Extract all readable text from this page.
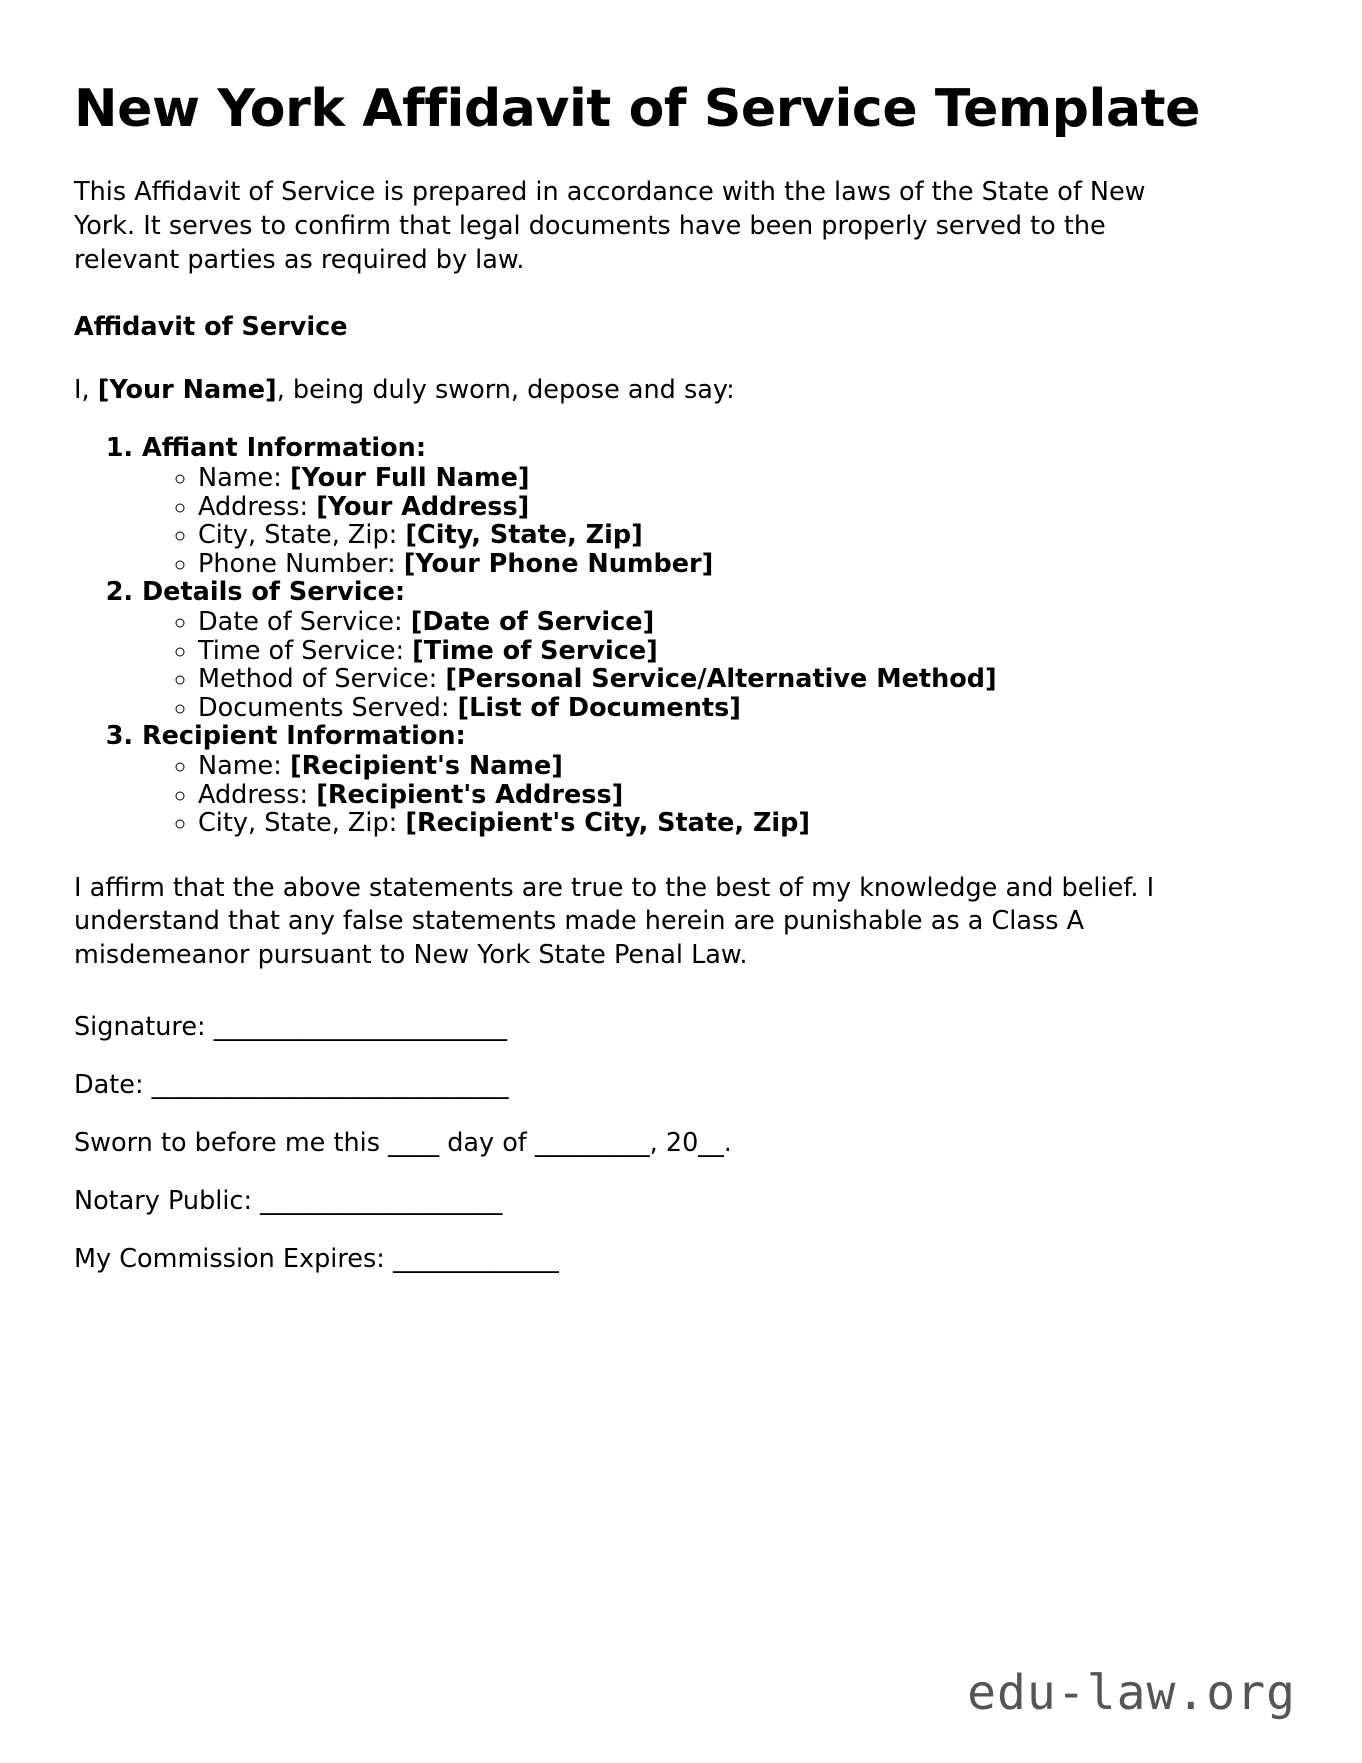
New York Affidavit of Service Template

This Affidavit of Service is prepared in accordance with the laws of the State of New York. It serves to confirm that legal documents have been properly served to the relevant parties as required by law.

Affidavit of Service

I, [Your Name], being duly sworn, depose and say:

1. Affiant Information:
◦ Name: [Your Full Name]
◦ Address: [Your Address]
◦ City, State, Zip: [City, State, Zip]
◦ Phone Number: [Your Phone Number]
2. Details of Service:
◦ Date of Service: [Date of Service]
◦ Time of Service: [Time of Service]
◦ Method of Service: [Personal Service/Alternative Method]
◦ Documents Served: [List of Documents]
3. Recipient Information:
◦ Name: [Recipient's Name]
◦ Address: [Recipient's Address]
◦ City, State, Zip: [Recipient's City, State, Zip]

I affirm that the above statements are true to the best of my knowledge and belief. I understand that any false statements made herein are punishable as a Class A misdemeanor pursuant to New York State Penal Law.

Signature: _______________________

Date: ____________________________

Sworn to before me this ____ day of _________, 20__.

Notary Public: ___________________

My Commission Expires: _____________

edu-law.org
